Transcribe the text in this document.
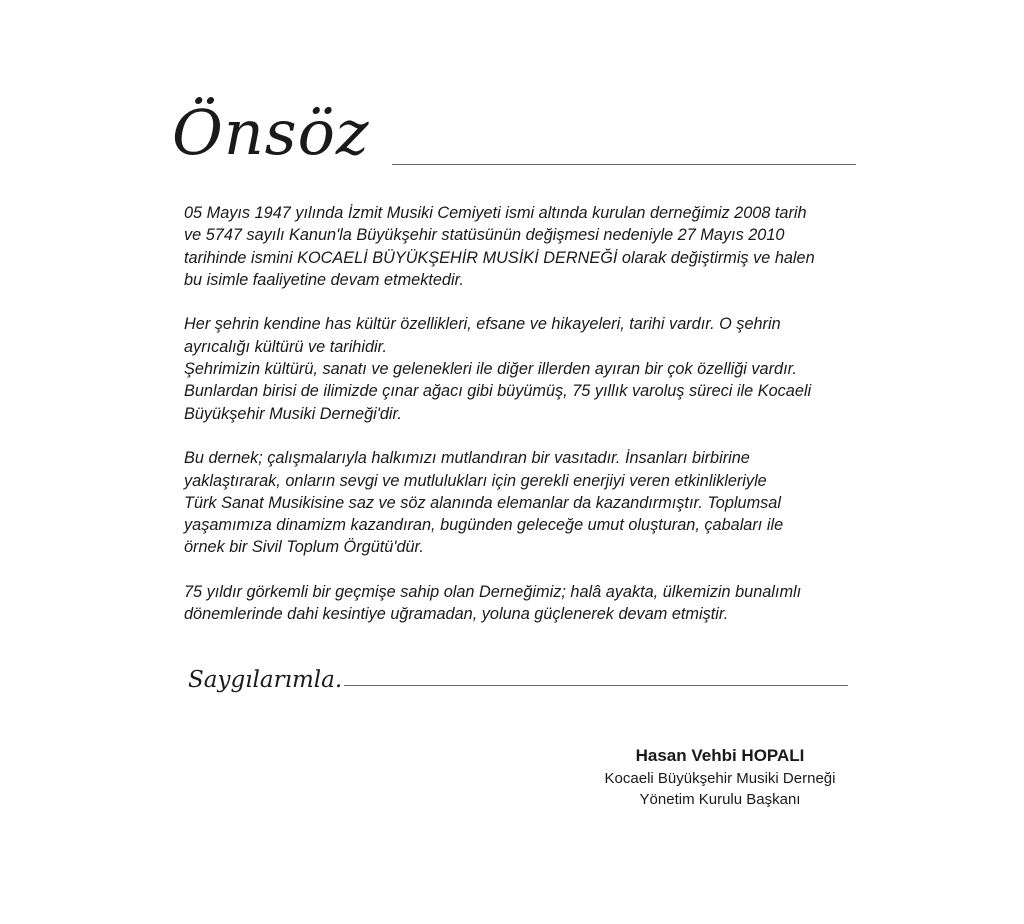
Önsöz

05 Mayıs 1947 yılında İzmit Musiki Cemiyeti ismi altında kurulan derneğimiz 2008 tarih
ve 5747 sayılı Kanun'la Büyükşehir statüsünün değişmesi nedeniyle 27 Mayıs 2010
tarihinde ismini KOCAELİ BÜYÜKŞEHİR MUSİKİ DERNEĞİ olarak değiştirmiş ve halen
bu isimle faaliyetine devam etmektedir.

Her şehrin kendine has kültür özellikleri, efsane ve hikayeleri, tarihi vardır. O şehrin
ayrıcalığı kültürü ve tarihidir.
Şehrimizin kültürü, sanatı ve gelenekleri ile diğer illerden ayıran bir çok özelliği vardır.
Bunlardan birisi de ilimizde çınar ağacı gibi büyümüş, 75 yıllık varoluş süreci ile Kocaeli
Büyükşehir Musiki Derneği'dir.

Bu dernek; çalışmalarıyla halkımızı mutlandıran bir vasıtadır. İnsanları birbirine
yaklaştırarak, onların sevgi ve mutlulukları için gerekli enerjiyi veren etkinlikleriyle
Türk Sanat Musikisine saz ve söz alanında elemanlar da kazandırmıştır. Toplumsal
yaşamımıza dinamizm kazandıran, bugünden geleceğe umut oluşturan, çabaları ile
örnek bir Sivil Toplum Örgütü'dür.

75 yıldır görkemli bir geçmişe sahip olan Derneğimiz; halâ ayakta, ülkemizin bunalımlı
dönemlerinde dahi kesintiye uğramadan, yoluna güçlenerek devam etmiştir.

Saygılarımla.
Hasan Vehbi HOPALI
Kocaeli Büyükşehir Musiki Derneği
Yönetim Kurulu Başkanı
